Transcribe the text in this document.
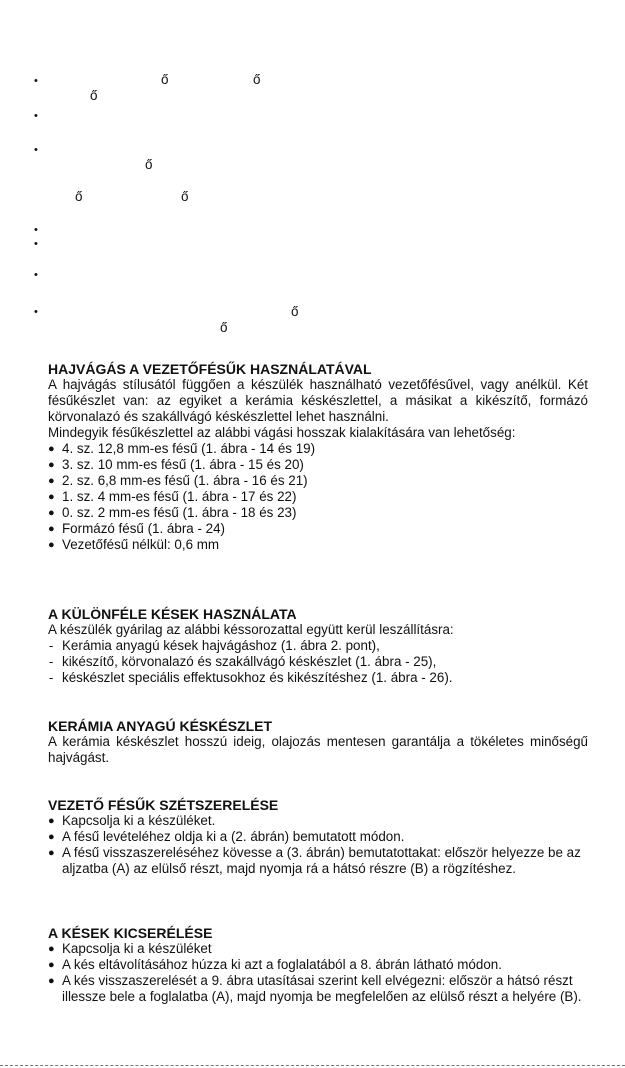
•	ő	ő
ő
•
•
ő
ő	ő
•
•
•
•	ő
ő
HAJVÁGÁS A VEZETŐFÉSŰK HASZNÁLATÁVAL

A hajvágás stílusától függően a készülék használható vezetőfésűvel, vagy anélkül. Két fésűkészlet van: az egyiket a kerámia késkészlettel, a másikat a kikészítő, formázó körvonalazó és szakállvágó késkészlettel lehet használni.

Mindegyik fésűkészlettel az alábbi vágási hosszak kialakítására van lehetőség:

● 4. sz. 12,8 mm-es fésű (1. ábra - 14 és 19)
● 3. sz. 10 mm-es fésű (1. ábra - 15 és 20)
● 2. sz. 6,8 mm-es fésű (1. ábra - 16 és 21)
● 1. sz. 4 mm-es fésű (1. ábra - 17 és 22)
● 0. sz. 2 mm-es fésű (1. ábra - 18 és 23)
● Formázó fésű (1. ábra - 24)
● Vezetőfésű nélkül: 0,6 mm
A KÜLÖNFÉLE KÉSEK HASZNÁLATA

A készülék gyárilag az alábbi késsorozattal együtt kerül leszállításra:

- Kerámia anyagú kések hajvágáshoz (1. ábra 2. pont),
- kikészítő, körvonalazó és szakállvágó késkészlet (1. ábra - 25),
- késkészlet speciális effektusokhoz és kikészítéshez (1. ábra - 26).
KERÁMIA ANYAGÚ KÉSKÉSZLET

A kerámia késkészlet hosszú ideig, olajozás mentesen garantálja a tökéletes minőségű hajvágást.

VEZETŐ FÉSŰK SZÉTSZERELÉSE
● Kapcsolja ki a készüléket.
● A fésű levételéhez oldja ki a (2. ábrán) bemutatott módon.
● A fésű visszaszereléséhez kövesse a (3. ábrán) bemutatottakat: először helyezze be az aljzatba (A) az elülső részt, majd nyomja rá a hátsó részre (B) a rögzítéshez.
A KÉSEK KICSERÉLÉSE
● Kapcsolja ki a készüléket
● A kés eltávolításához húzza ki azt a foglalatából a 8. ábrán látható módon.
● A kés visszaszerelését a 9. ábra utasításai szerint kell elvégezni: először a hátsó részt illessze bele a foglalatba (A), majd nyomja be megfelelően az elülső részt a helyére (B).
